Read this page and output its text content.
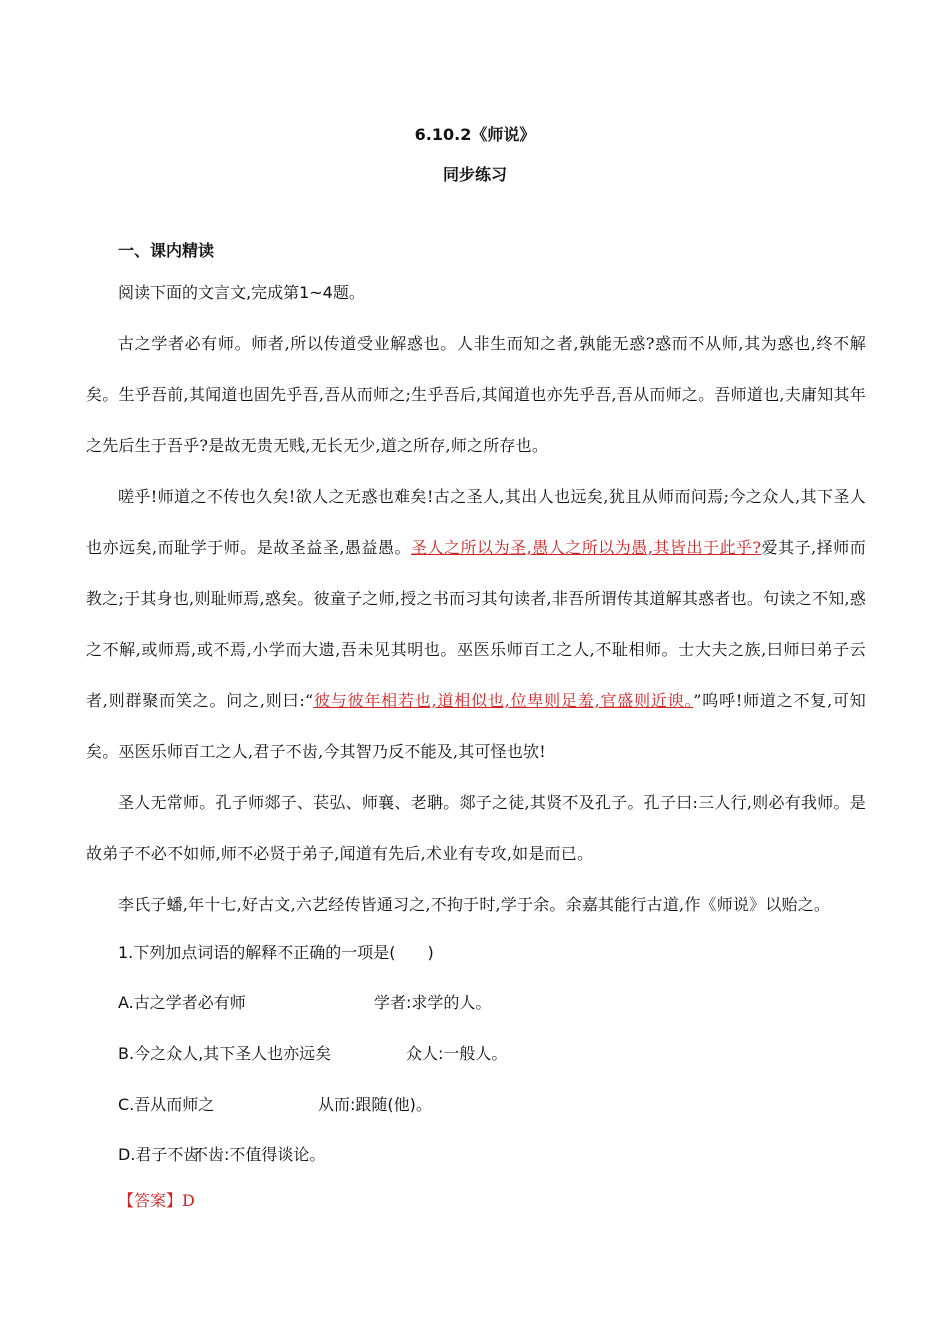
6.10.2《师说》
同步练习
一、课内精读
阅读下面的文言文,完成第1~4题。
古之学者必有师。师者,所以传道受业解惑也。人非生而知之者,孰能无惑?惑而不从师,其为惑也,终不解矣。生乎吾前,其闻道也固先乎吾,吾从而师之;生乎吾后,其闻道也亦先乎吾,吾从而师之。吾师道也,夫庸知其年之先后生于吾乎?是故无贵无贱,无长无少,道之所存,师之所存也。
嗟乎!师道之不传也久矣!欲人之无惑也难矣!古之圣人,其出人也远矣,犹且从师而问焉;今之众人,其下圣人也亦远矣,而耻学于师。是故圣益圣,愚益愚。圣人之所以为圣,愚人之所以为愚,其皆出于此乎?爱其子,择师而教之;于其身也,则耻师焉,惑矣。彼童子之师,授之书而习其句读者,非吾所谓传其道解其惑者也。句读之不知,惑之不解,或师焉,或不焉,小学而大遗,吾未见其明也。巫医乐师百工之人,不耻相师。士大夫之族,曰师曰弟子云者,则群聚而笑之。问之,则曰:“彼与彼年相若也,道相似也,位卑则足羞,官盛则近谀。”呜呼!师道之不复,可知矣。巫医乐师百工之人,君子不齿,今其智乃反不能及,其可怪也欤!
圣人无常师。孔子师郯子、苌弘、师襄、老聃。郯子之徒,其贤不及孔子。孔子曰:三人行,则必有我师。是故弟子不必不如师,师不必贤于弟子,闻道有先后,术业有专攻,如是而已。
李氏子蟠,年十七,好古文,六艺经传皆通习之,不拘于时,学于余。余嘉其能行古道,作《师说》以贻之。
1.下列加点词语的解释不正确的一项是(　　)
A.古之学者必有师	学者:求学的人。
B.今之众人,其下圣人也亦远矣	众人:一般人。
C.吾从而师之	从而:跟随(他)。
D.君子不齿
不齿:不值得谈论。
【答案】D
